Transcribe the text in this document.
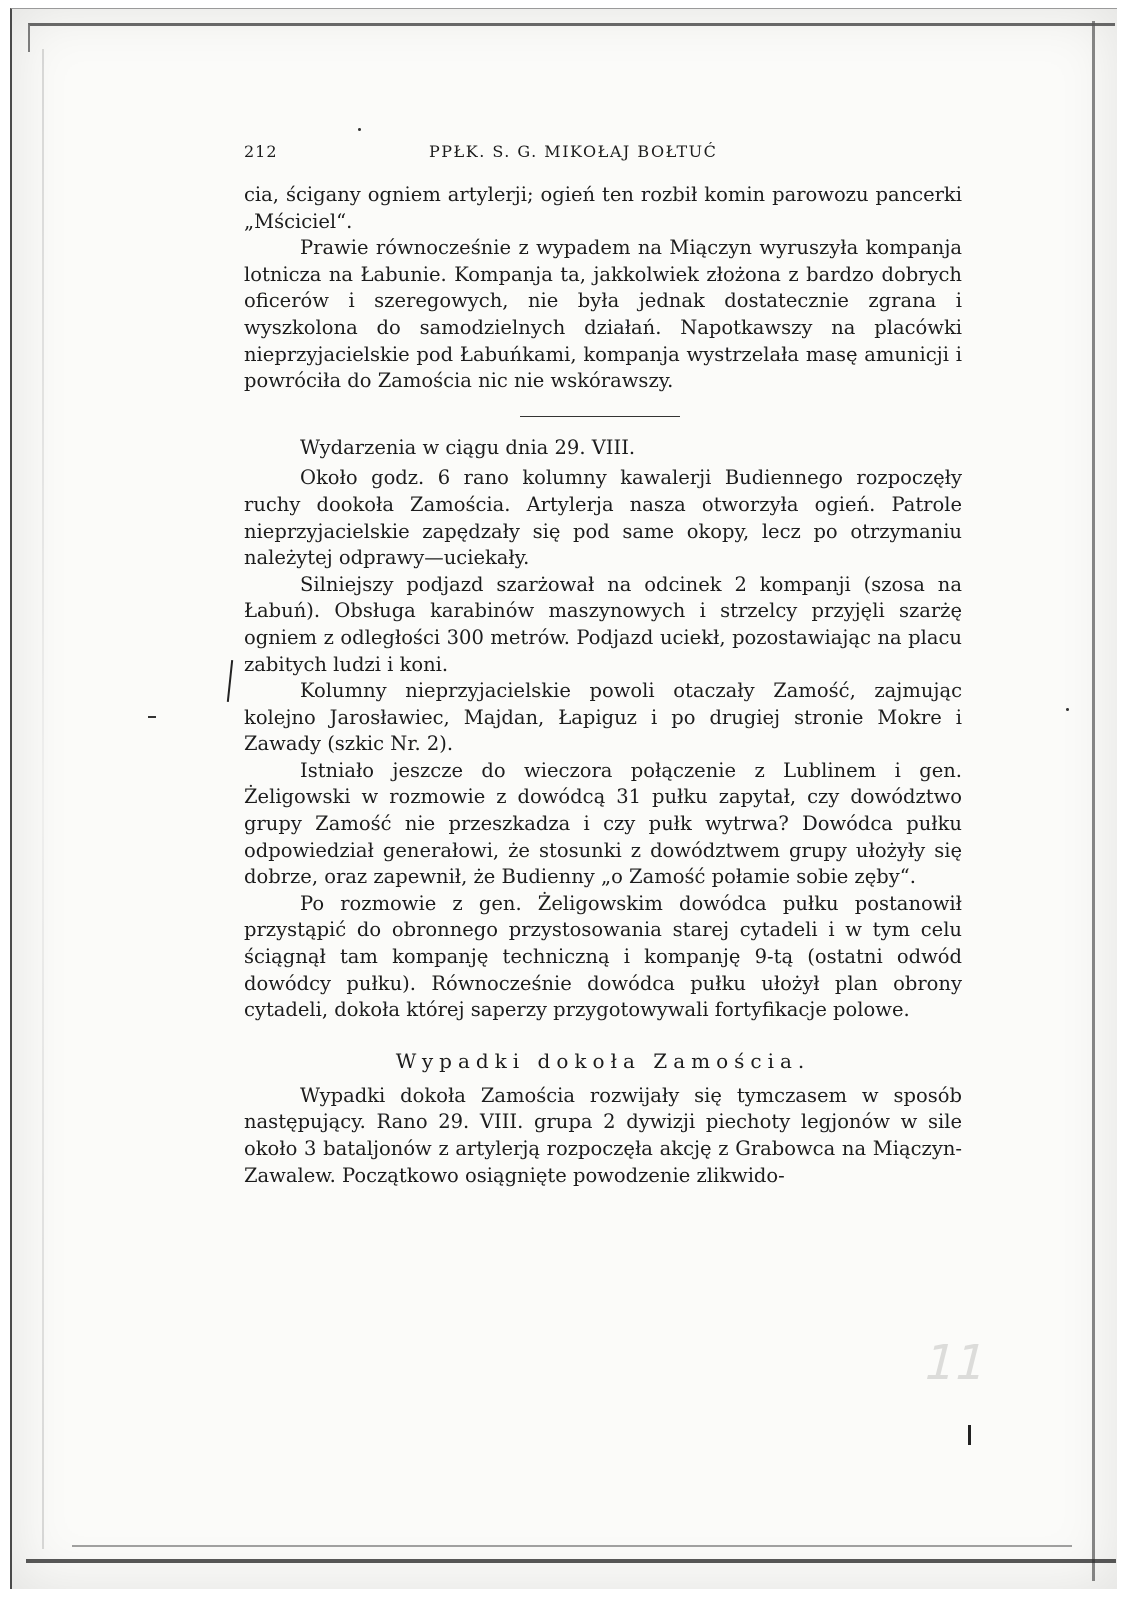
11
212	PPŁK. S. G. MIKOŁAJ BOŁTUĆ

cia, ścigany ogniem artylerji; ogień ten rozbił komin parowozu pancerki „Mściciel“.

Prawie równocześnie z wypadem na Miączyn wyruszyła kompanja lotnicza na Łabunie. Kompanja ta, jakkolwiek złożona z bardzo dobrych oficerów i szeregowych, nie była jednak dostatecznie zgrana i wyszkolona do samodzielnych działań. Napotkawszy na placówki nieprzyjacielskie pod Łabuńkami, kompanja wystrzelała masę amunicji i powróciła do Zamościa nic nie wskórawszy.

Wydarzenia w ciągu dnia 29. VIII.

Około godz. 6 rano kolumny kawalerji Budiennego rozpoczęły ruchy dookoła Zamościa. Artylerja nasza otworzyła ogień. Patrole nieprzyjacielskie zapędzały się pod same okopy, lecz po otrzymaniu należytej odprawy—uciekały.

Silniejszy podjazd szarżował na odcinek 2 kompanji (szosa na Łabuń). Obsługa karabinów maszynowych i strzelcy przyjęli szarżę ogniem z odległości 300 metrów. Podjazd uciekł, pozostawiając na placu zabitych ludzi i koni.

Kolumny nieprzyjacielskie powoli otaczały Zamość, zajmując kolejno Jarosławiec, Majdan, Łapiguz i po drugiej stronie Mokre i Zawady (szkic Nr. 2).

Istniało jeszcze do wieczora połączenie z Lublinem i gen. Żeligowski w rozmowie z dowódcą 31 pułku zapytał, czy dowództwo grupy Zamość nie przeszkadza i czy pułk wytrwa? Dowódca pułku odpowiedział generałowi, że stosunki z dowództwem grupy ułożyły się dobrze, oraz zapewnił, że Budienny „o Zamość połamie sobie zęby“.

Po rozmowie z gen. Żeligowskim dowódca pułku postanowił przystąpić do obronnego przystosowania starej cytadeli i w tym celu ściągnął tam kompanję techniczną i kompanję 9-tą (ostatni odwód dowódcy pułku). Równocześnie dowódca pułku ułożył plan obrony cytadeli, dokoła której saperzy przygotowywali fortyfikacje polowe.

Wypadki dokoła Zamościa.

Wypadki dokoła Zamościa rozwijały się tymczasem w sposób następujący. Rano 29. VIII. grupa 2 dywizji piechoty legjonów w sile około 3 bataljonów z artylerją rozpoczęła akcję z Grabowca na Miączyn-Zawalew. Początkowo osiągnięte powodzenie zlikwido-
